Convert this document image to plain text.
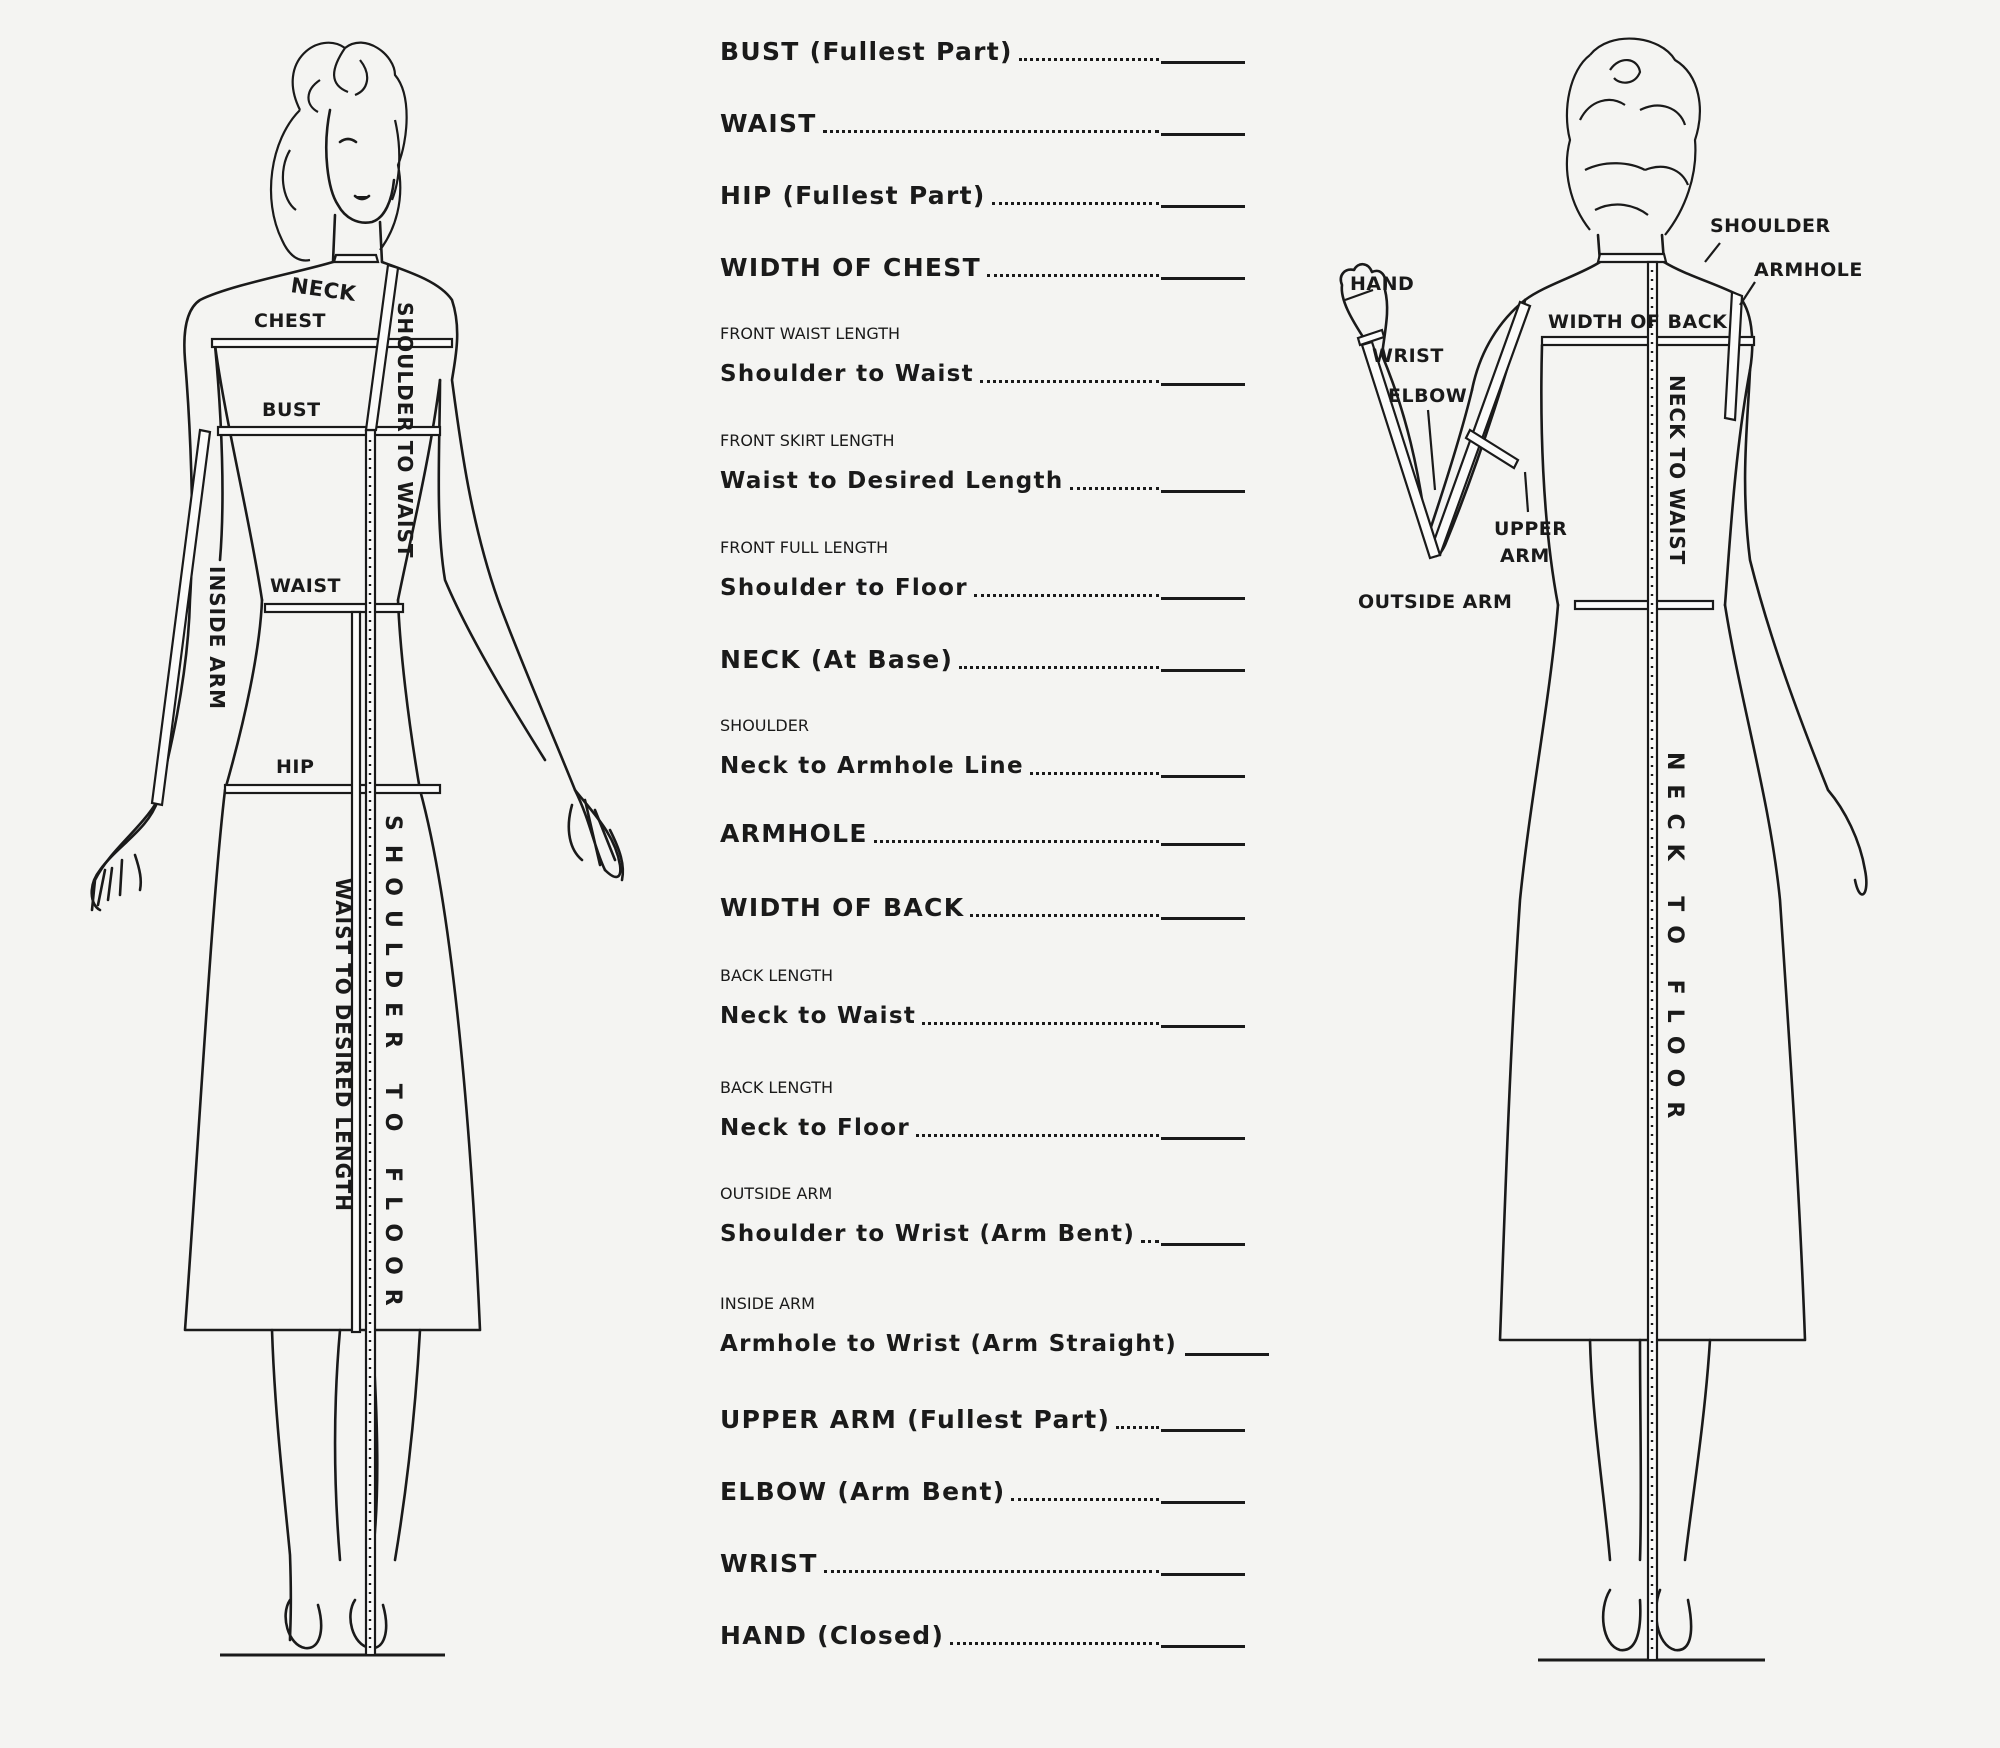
NECK
CHEST
BUST
WAIST
HIP
INSIDE ARM
SHOULDER TO WAIST
SHOULDER TO FLOOR
WAIST TO DESIRED LENGTH
BUST (Fullest Part)
WAIST
HIP (Fullest Part)
WIDTH OF CHEST
FRONT WAIST LENGTH
Shoulder to Waist
FRONT SKIRT LENGTH
Waist to Desired Length
FRONT FULL LENGTH
Shoulder to Floor
NECK (At Base)
SHOULDER
Neck to Armhole Line
ARMHOLE
WIDTH OF BACK
BACK LENGTH
Neck to Waist
BACK LENGTH
Neck to Floor
OUTSIDE ARM
Shoulder to Wrist (Arm Bent)
INSIDE ARM
Armhole to Wrist (Arm Straight)
UPPER ARM (Fullest Part)
ELBOW (Arm Bent)
WRIST
HAND (Closed)
SHOULDER
ARMHOLE
HAND
WIDTH OF BACK
WRIST
ELBOW
UPPER
ARM
OUTSIDE ARM
NECK TO WAIST
NECK TO FLOOR
